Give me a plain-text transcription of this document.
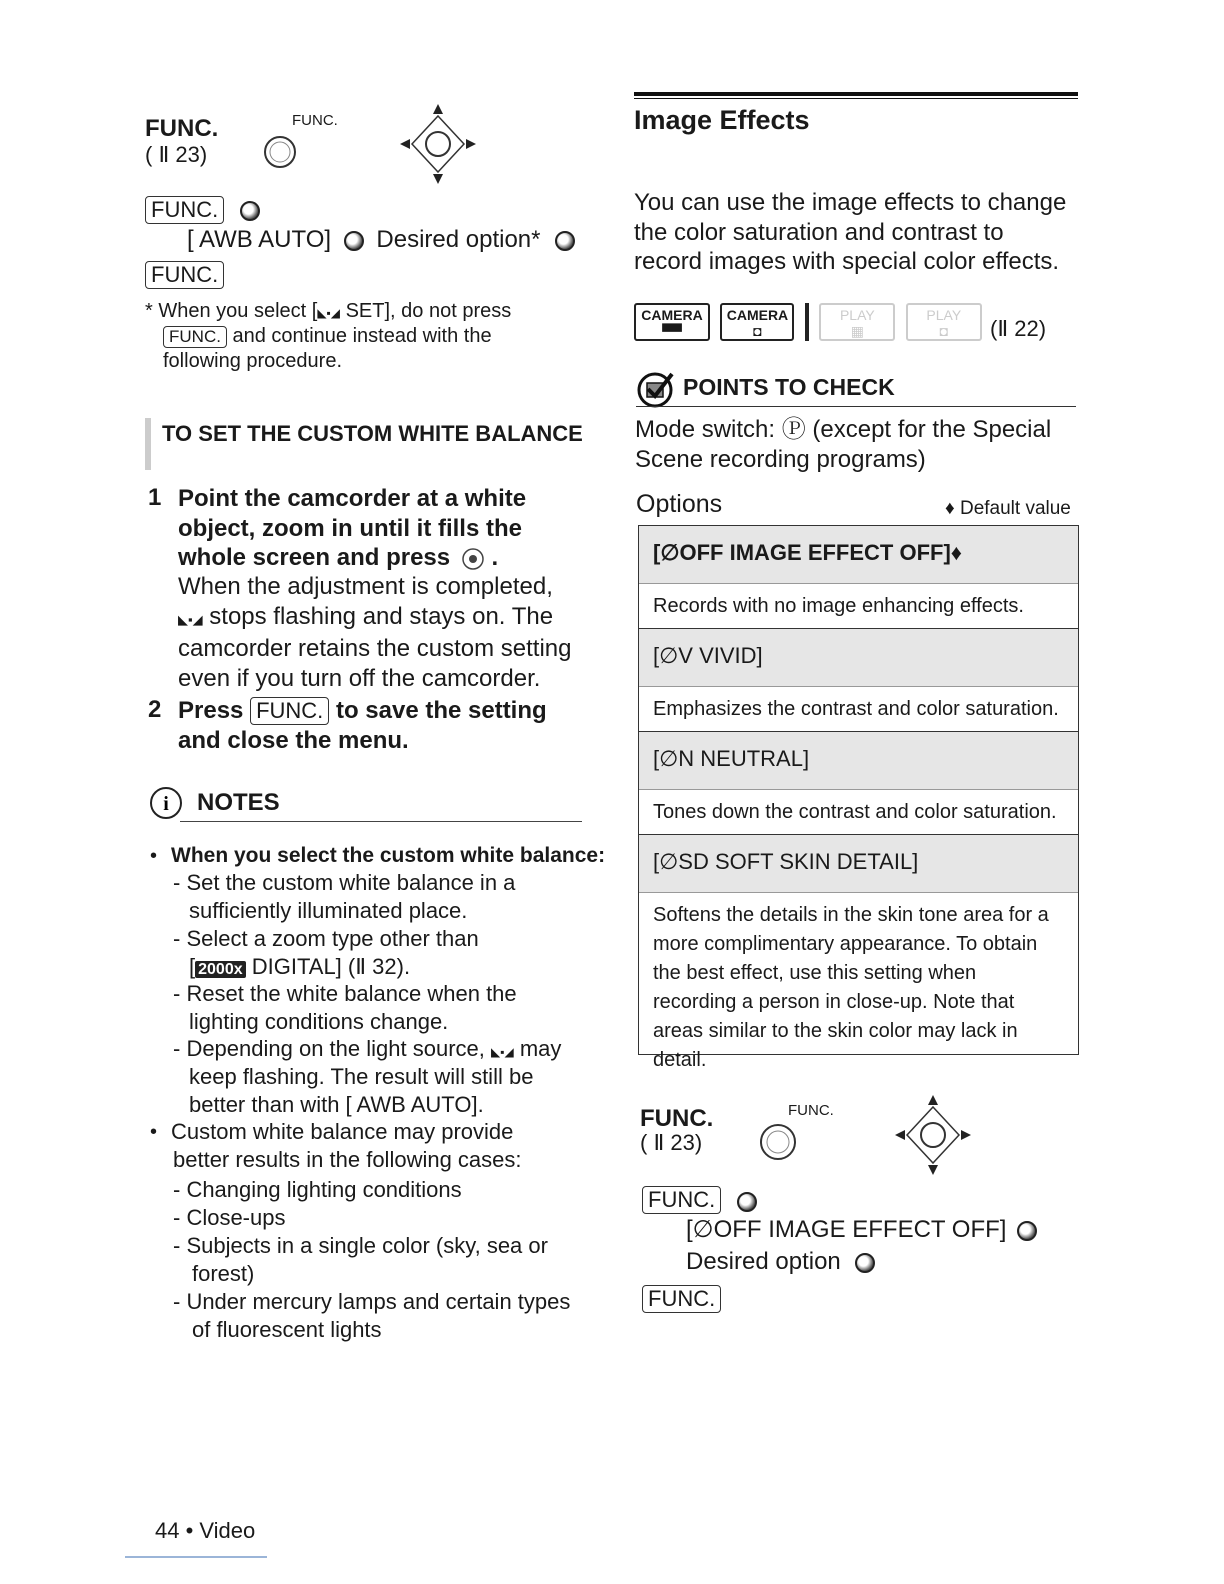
FUNC.
( Ⅱ 23)
FUNC.
FUNC.
[ AWB AUTO] Desired option*
FUNC.
* When you select [◣▪◢ SET], do not press
FUNC. and continue instead with the
following procedure.
TO SET THE CUSTOM WHITE BALANCE
1 Point the camcorder at a white
object, zoom in until it fills the
whole screen and press  .
When the adjustment is completed,
◣▪◢ stops flashing and stays on. The
camcorder retains the custom setting
even if you turn off the camcorder.
2 Press FUNC. to save the setting
and close the menu.
i NOTES
• When you select the custom white balance:
- Set the custom white balance in a
sufficiently illuminated place.
- Select a zoom type other than
[ 2000x DIGITAL] (Ⅱ 32).
- Reset the white balance when the
lighting conditions change.
- Depending on the light source, ◣▪◢ may
keep flashing. The result will still be
better than with [ AWB AUTO].
• Custom white balance may provide
better results in the following cases:
- Changing lighting conditions
- Close-ups
- Subjects in a single color (sky, sea or
forest)
- Under mercury lamps and certain types
of fluorescent lights
44 • Video
Image Effects
You can use the image effects to change
the color saturation and contrast to
record images with special color effects.
CAMERA
▀▀ CAMERA
◘  PLAY
▦ PLAY
◘	(Ⅱ 22)
POINTS TO CHECK
Mode switch: Ⓟ (except for the Special
Scene recording programs)
Options	♦ Default value
[∅OFF IMAGE EFFECT OFF]♦
Records with no image enhancing effects.
[∅V VIVID]
Emphasizes the contrast and color saturation.
[∅N NEUTRAL]
Tones down the contrast and color saturation.
[∅SD SOFT SKIN DETAIL]
Softens the details in the skin tone area for a more complimentary appearance. To obtain the best effect, use this setting when recording a person in close-up. Note that areas similar to the skin color may lack in detail.
FUNC.
( Ⅱ 23)
FUNC.
FUNC.
[∅OFF IMAGE EFFECT OFF]
Desired option
FUNC.
